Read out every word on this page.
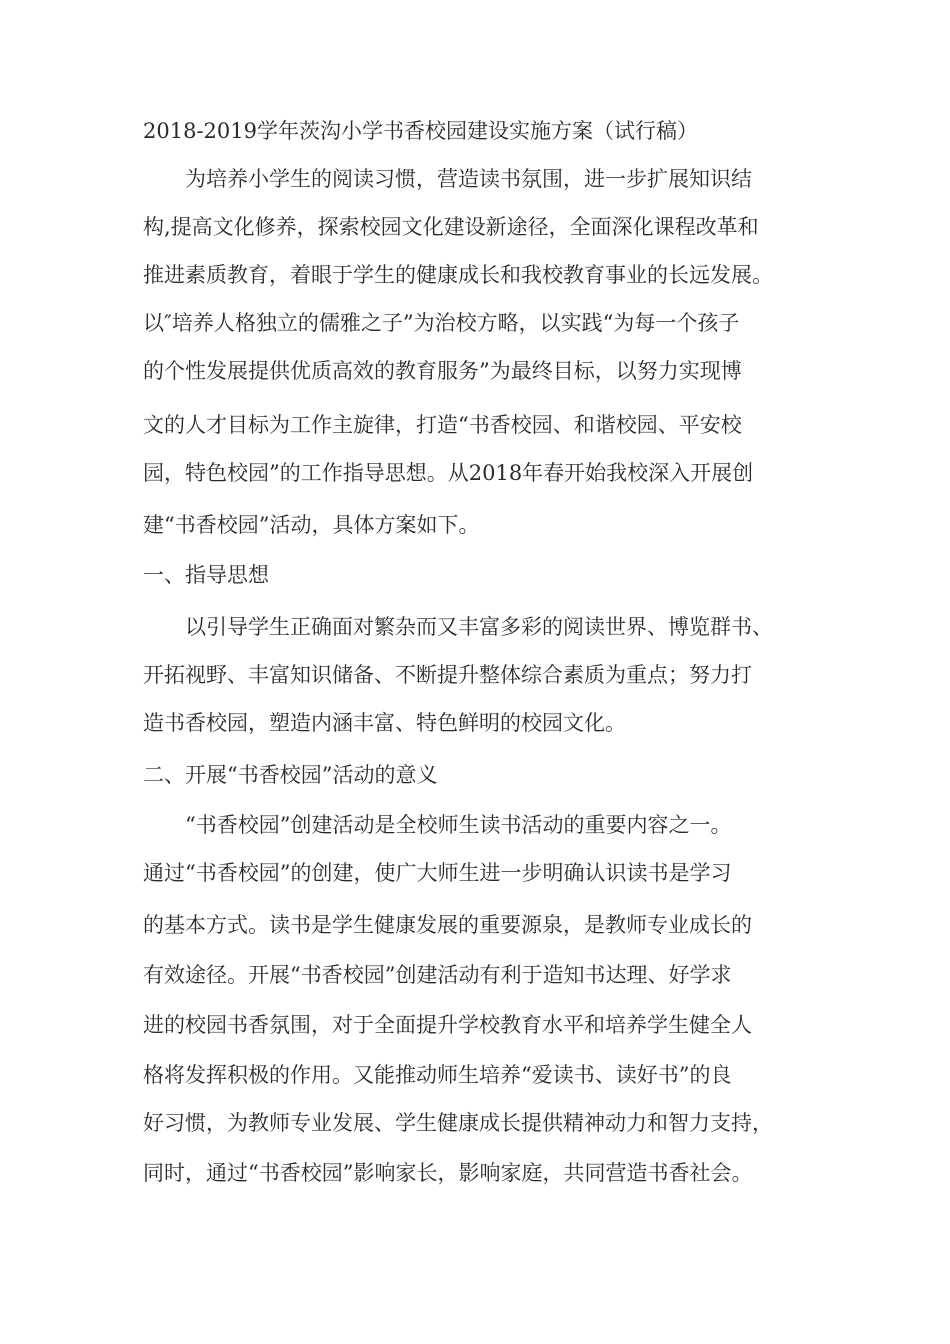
2018-2019学年茨沟小学书香校园建设实施方案（试行稿）
　　为培养小学生的阅读习惯，营造读书氛围，进一步扩展知识结
构,提高文化修养，探索校园文化建设新途径，全面深化课程改革和
推进素质教育，着眼于学生的健康成长和我校教育事业的长远发展。
以″培养人格独立的儒雅之子”为治校方略，以实践“为每一个孩子
的个性发展提供优质高效的教育服务”为最终目标，以努力实现博
文的人才目标为工作主旋律，打造“书香校园、和谐校园、平安校
园，特色校园”的工作指导思想。从2018年春开始我校深入开展创
建“书香校园”活动，具体方案如下。
一、指导思想
　　以引导学生正确面对繁杂而又丰富多彩的阅读世界、博览群书、
开拓视野、丰富知识储备、不断提升整体综合素质为重点；努力打
造书香校园，塑造内涵丰富、特色鲜明的校园文化。
二、开展“书香校园”活动的意义
　　“书香校园”创建活动是全校师生读书活动的重要内容之一。
通过“书香校园”的创建，使广大师生进一步明确认识读书是学习
的基本方式。读书是学生健康发展的重要源泉，是教师专业成长的
有效途径。开展“书香校园”创建活动有利于造知书达理、好学求
进的校园书香氛围，对于全面提升学校教育水平和培养学生健全人
格将发挥积极的作用。又能推动师生培养“爱读书、读好书”的良
好习惯，为教师专业发展、学生健康成长提供精神动力和智力支持，
同时，通过“书香校园”影响家长，影响家庭，共同营造书香社会。
